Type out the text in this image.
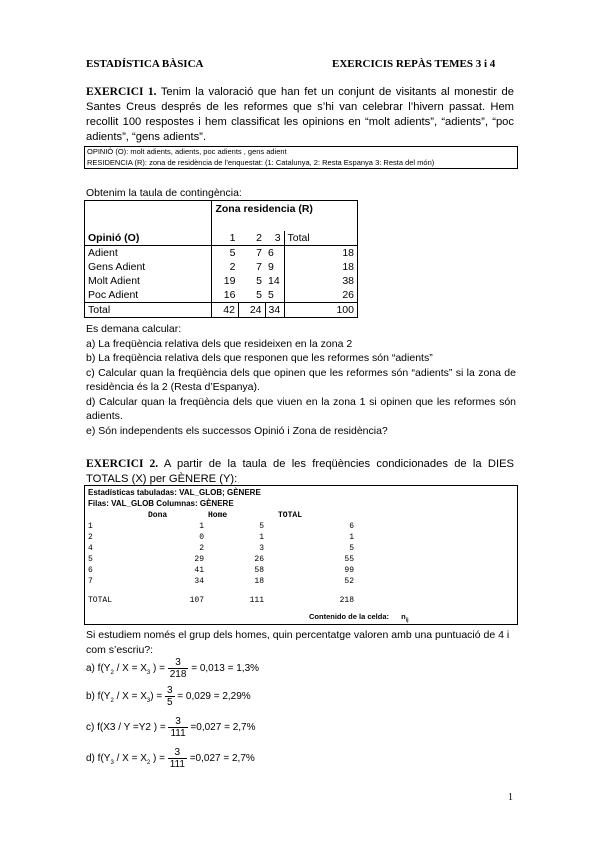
ESTADÍSTICA BÀSICA	EXERCICIS REPÀS TEMES 3 i 4
EXERCICI 1. Tenim la valoració que han fet un conjunt de visitants al monestir de Santes Creus després de les reformes que s’hi van celebrar l’hivern passat. Hem recollit 100 respostes i hem classificat les opinions en “molt adients”, “adients”, “poc adients”, “gens adients”.
OPINIÓ (O): molt adients, adients, poc adients , gens adient
RESIDENCIA (R): zona de residència de l’enquestat: (1: Catalunya, 2: Resta Espanya 3: Resta del món)
Obtenim la taula de contingència:
	Zona residencia (R)			
Opinió (O)	1	2	3	Total
Adient	5	7	6	18
Gens Adient	2	7	9	18
Molt Adient	19	5	14	38
Poc Adient	16	5	5	26
Total	42	24	34	100
Es demana calcular:
a) La freqüència relativa dels que resideixen en la zona 2
b) La freqüència relativa dels que responen que les reformes són “adients”
c) Calcular quan la freqüència dels que opinen que les reformes són “adients” si la zona de residència és la 2 (Resta d’Espanya).
d) Calcular quan la freqüència dels que viuen en la zona 1 si opinen que les reformes són adients.
e) Són independents els successos Opinió i Zona de residència?
EXERCICI 2. A partir de la taula de les freqüències condicionades de la DIES TOTALS (X) per GÈNERE (Y):
Estadísticas tabuladas: VAL_GLOB; GÈNERE
Filas: VAL_GLOB Columnas: GÈNERE
	Dona	Home	TOTAL
1	1	5	6
2	0	1	1
4	2	3	5
5	29	26	55
6	41	58	99
7	34	18	52

TOTAL	107	111	218
Contenido de la celda: $n_{ij}$
Si estudiem només el grup dels homes, quin percentatge valoren amb una puntuació de 4 i com s’escriu?:
a) $f(Y_2 / X = X_3$ ) = $\frac{3}{218} = 0,013 = 1,3\%$
b) $f(Y_2 / X = X_3) = \frac{3}{5} = 0,029 = 2,29\%$
c) f(X3 / Y =Y2 ) = $\frac{3}{111} =0,027 = 2,7\%$
d) $f(Y_3 / X = X_2$ ) = $\frac{3}{111} =0,027 = 2,7\%$
1
